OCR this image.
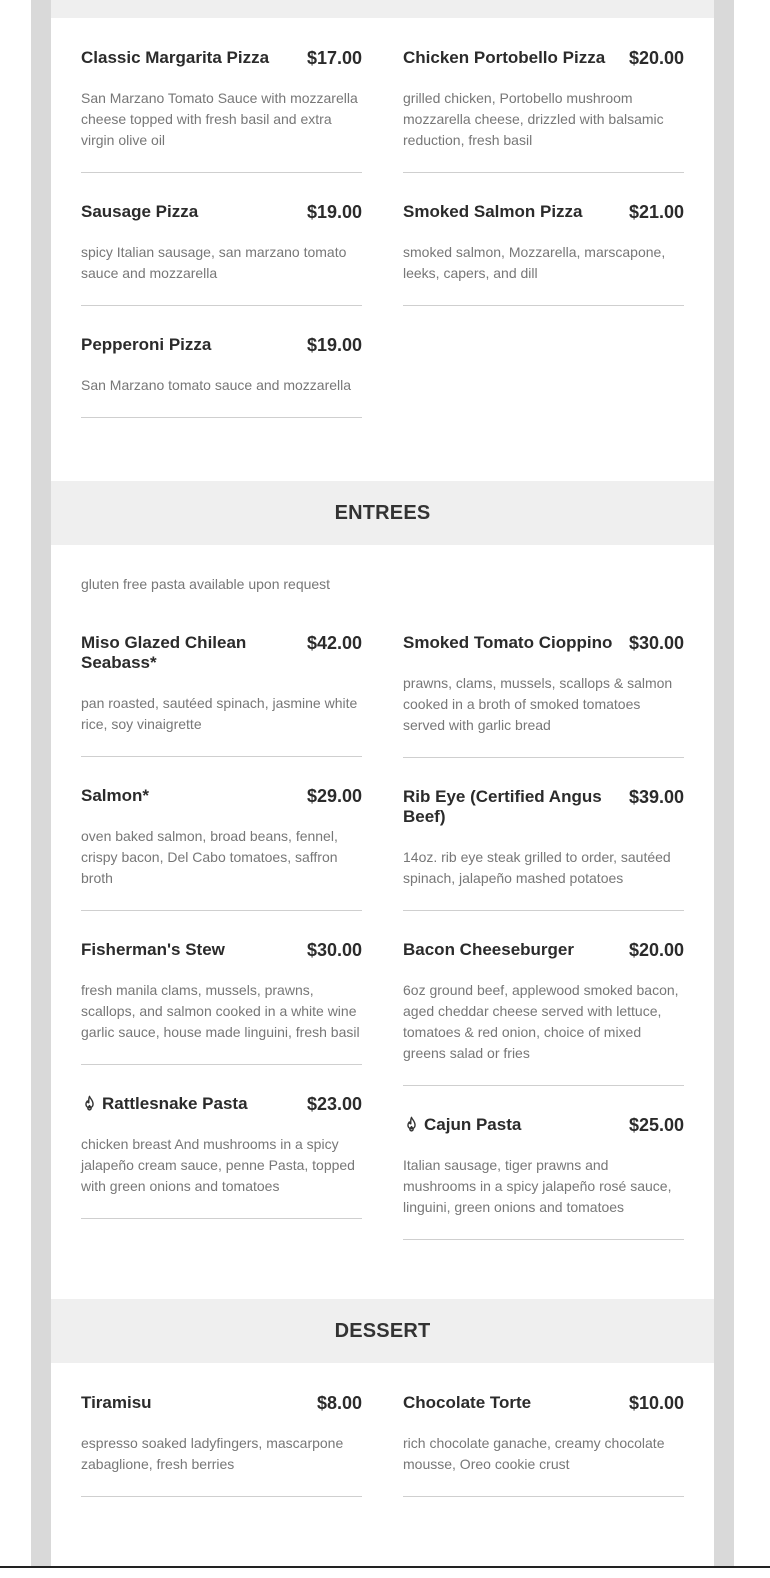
Classic Margarita Pizza $17.00
San Marzano Tomato Sauce with mozzarella cheese topped with fresh basil and extra virgin olive oil
Chicken Portobello Pizza $20.00
grilled chicken, Portobello mushroom mozzarella cheese, drizzled with balsamic reduction, fresh basil
Sausage Pizza	$19.00
spicy Italian sausage, san marzano tomato sauce and mozzarella
Smoked Salmon Pizza	$21.00
smoked salmon, Mozzarella, marscapone, leeks, capers, and dill
Pepperoni Pizza	$19.00
San Marzano tomato sauce and mozzarella
ENTREES
gluten free pasta available upon request
Miso Glazed Chilean Seabass*
$42.00
pan roasted, sautéed spinach, jasmine white rice, soy vinaigrette
Smoked Tomato Cioppino $30.00
prawns, clams, mussels, scallops & salmon cooked in a broth of smoked tomatoes served with garlic bread
Salmon*	$29.00
oven baked salmon, broad beans, fennel, crispy bacon, Del Cabo tomatoes, saffron broth
Rib Eye (Certified Angus Beef)
$39.00
14oz. rib eye steak grilled to order, sautéed spinach, jalapeño mashed potatoes
Fisherman's Stew	$30.00
fresh manila clams, mussels, prawns, scallops, and salmon cooked in a white wine garlic sauce, house made linguini, fresh basil
Bacon Cheeseburger	$20.00
6oz ground beef, applewood smoked bacon, aged cheddar cheese served with lettuce, tomatoes & red onion, choice of mixed greens salad or fries
Rattlesnake Pasta	$23.00
chicken breast And mushrooms in a spicy jalapeño cream sauce, penne Pasta, topped with green onions and tomatoes
Cajun Pasta	$25.00
Italian sausage, tiger prawns and mushrooms in a spicy jalapeño rosé sauce, linguini, green onions and tomatoes
DESSERT
Tiramisu	$8.00
espresso soaked ladyfingers, mascarpone zabaglione, fresh berries
Chocolate Torte	$10.00
rich chocolate ganache, creamy chocolate mousse, Oreo cookie crust
